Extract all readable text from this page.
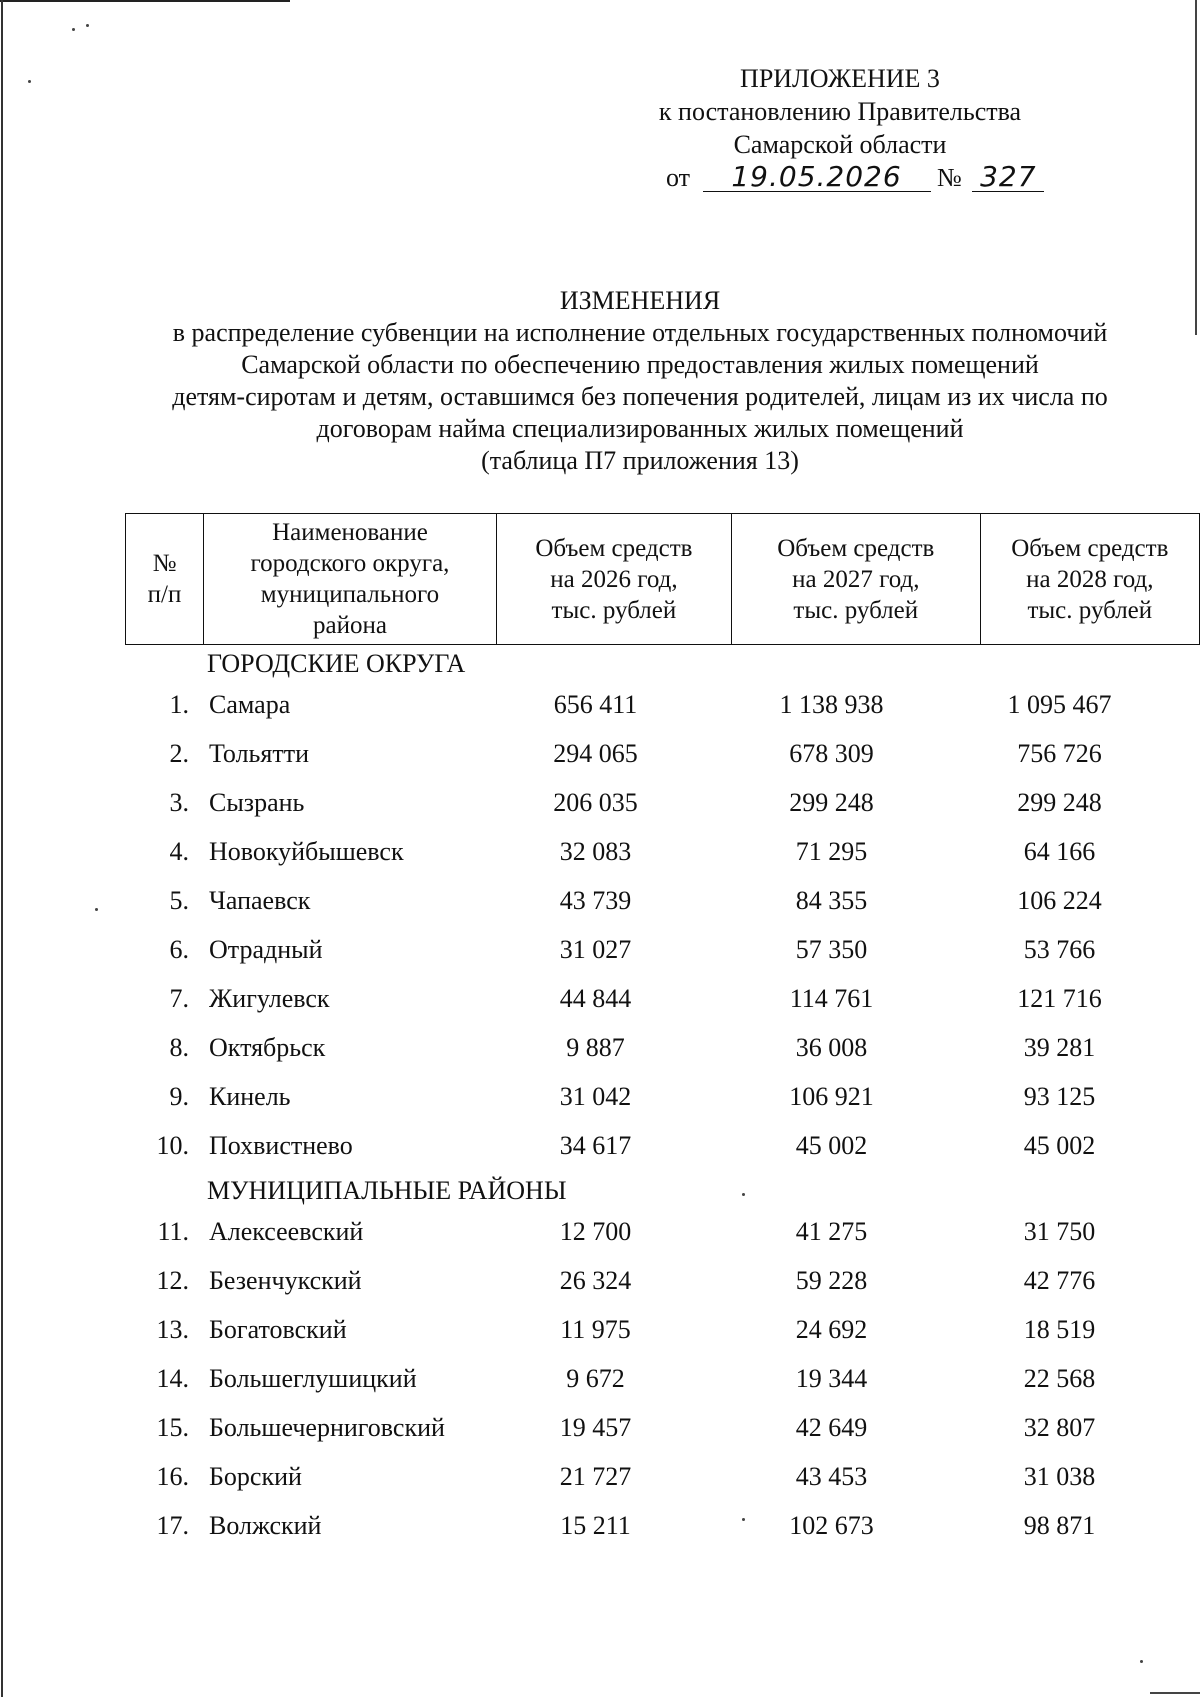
ПРИЛОЖЕНИЕ 3
к постановлению Правительства
Самарской области
от 19.05.2026 № 327
ИЗМЕНЕНИЯ
в распределение субвенции на исполнение отдельных государственных полномочий
Самарской области по обеспечению предоставления жилых помещений
детям-сиротам и детям, оставшимся без попечения родителей, лицам из их числа по
договорам найма специализированных жилых помещений
(таблица П7 приложения 13)
№
п/п	Наименование
городского округа,
муниципального
района	Объем средств
на 2026 год,
тыс. рублей	Объем средств
на 2027 год,
тыс. рублей	Объем средств
на 2028 год,
тыс. рублей
ГОРОДСКИЕ ОКРУГА
1. Самара	656 411	1 138 938	1 095 467
2. Тольятти	294 065	678 309	756 726
3. Сызрань	206 035	299 248	299 248
4. Новокуйбышевск	32 083	71 295	64 166
5. Чапаевск	43 739	84 355	106 224
6. Отрадный	31 027	57 350	53 766
7. Жигулевск	44 844	114 761	121 716
8. Октябрьск	9 887	36 008	39 281
9. Кинель	31 042	106 921	93 125
10. Похвистнево	34 617	45 002	45 002
МУНИЦИПАЛЬНЫЕ РАЙОНЫ
11. Алексеевский	12 700	41 275	31 750
12. Безенчукский	26 324	59 228	42 776
13. Богатовский	11 975	24 692	18 519
14. Большеглушицкий	9 672	19 344	22 568
15. Большечерниговский	19 457	42 649	32 807
16. Борский	21 727	43 453	31 038
17. Волжский	15 211	102 673	98 871
